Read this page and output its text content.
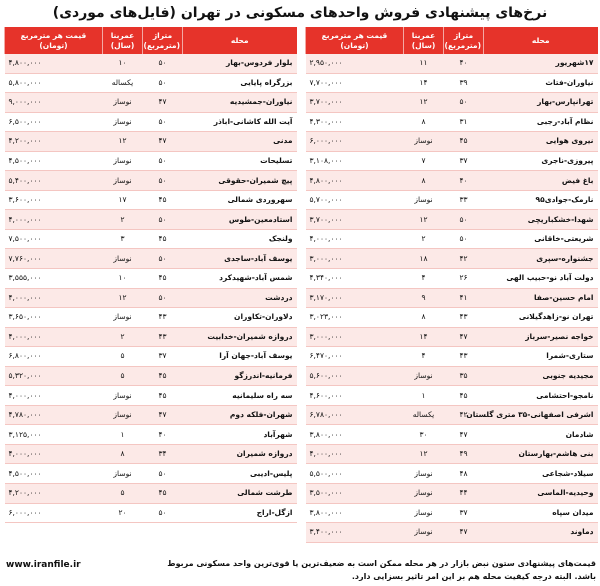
نرخ‌های پیشنهادی فروش واحدهای مسکونی در تهران (فایل‌های موردی)
محله	متراژ (مترمربع)	عمربنا (سال)	قیمت هر مترمربع (تومان)
۱۷شهریور	۴۰	۱۱	۲,۹۵۰,۰۰۰
نیاوران-فتاث	۳۹	۱۴	۷,۷۰۰,۰۰۰
تهرانپارس-بهار	۵۰	۱۲	۳,۷۰۰,۰۰۰
نظام آباد-رجبی	۳۱	۸	۴,۳۰۰,۰۰۰
نیروی هوایی	۴۵	نوساز	۶,۰۰۰,۰۰۰
پیروزی-ناجری	۳۷	۷	۳,۱۰۸,۰۰۰
باغ فیض	۴۰	۸	۴,۸۰۰,۰۰۰
نارمک-جوادی۹۵	۳۳	نوساز	۵,۷۰۰,۰۰۰
شهدا-خشکباریچی	۵۰	۱۲	۳,۷۰۰,۰۰۰
شریعتی-خاقانی	۵۰	۲	۴,۰۰۰,۰۰۰
جشنواره-سپری	۴۲	۱۸	۳,۰۰۰,۰۰۰
دولت آباد نو-حبیب الهی	۲۶	۴	۴,۳۴۰,۰۰۰
امام حسین-صفا	۴۱	۹	۳,۱۷۰,۰۰۰
تهران نو-زاهدگیلانی	۴۳	۸	۳,۰۲۳,۰۰۰
خواجه نصیر-سرباز	۴۷	۱۴	۳,۰۰۰,۰۰۰
ستاری-شمرا	۴۳	۴	۶,۴۷۰,۰۰۰
مجیدیه جنوبی	۳۵	نوساز	۵,۶۰۰,۰۰۰
نامجو-احتشامی	۴۵	۱	۴,۶۰۰,۰۰۰
اشرفی اصفهانی-۳۵ متری گلستان	۴۲	یکساله	۶,۷۸۰,۰۰۰
شادمان	۴۷	۳۰	۳,۸۰۰,۰۰۰
بنی هاشم-بهارستان	۴۹	۱۲	۴,۰۰۰,۰۰۰
سیلاد-شجاعی	۴۸	نوساز	۵,۵۰۰,۰۰۰
وحیدیه-الماسی	۴۴	نوساز	۳,۵۰۰,۰۰۰
میدان سپاه	۳۷	نوساز	۳,۸۰۰,۰۰۰
دماوند	۴۷	نوساز	۳,۴۰۰,۰۰۰
محله	متراژ (مترمربع)	عمربنا (سال)	قیمت هر مترمربع (تومان)
بلوار فردوس-بهار	۵۰	۱۰	۴,۸۰۰,۰۰۰
بزرگراه پایایی	۵۰	یکساله	۵,۸۰۰,۰۰۰
نیاوران-جمشیدیه	۴۷	نوساز	۹,۰۰۰,۰۰۰
آیت الله کاشانی-اباذر	۵۰	نوساز	۶,۵۰۰,۰۰۰
مدنی	۴۷	۱۲	۴,۲۰۰,۰۰۰
تسلیحات	۵۰	نوساز	۴,۵۰۰,۰۰۰
پیچ شمیران-حقوقی	۵۰	نوساز	۵,۴۰۰,۰۰۰
سهروردی شمالی	۴۵	۱۷	۳,۶۰۰,۰۰۰
استادمعین-طوس	۵۰	۲	۴,۰۰۰,۰۰۰
ولنجک	۴۵	۳	۷,۵۰۰,۰۰۰
یوسف آباد-ساجدی	۵۰	نوساز	۷,۷۶۰,۰۰۰
شمس آباد-شهیدکرد	۴۵	۱۰	۳,۵۵۵,۰۰۰
دردشت	۵۰	۱۲	۴,۰۰۰,۰۰۰
دلاوران-تکاوران	۴۳	نوساز	۳,۶۵۰,۰۰۰
دروازه شمیران-خدابیت	۴۳	۲	۴,۰۰۰,۰۰۰
یوسف آباد-جهان آرا	۳۷	۵	۶,۸۰۰,۰۰۰
فرمانیه-اندرزگو	۴۵	۵	۵,۳۲۰,۰۰۰
سه راه سلیمانیه	۴۵	نوساز	۴,۰۰۰,۰۰۰
شهران-فلکه دوم	۴۷	نوساز	۴,۷۸۰,۰۰۰
شهرآباد	۴۰	۱	۳,۱۲۵,۰۰۰
دروازه شمیران	۳۴	۸	۴,۰۰۰,۰۰۰
پلیس-ادیبی	۵۰	نوساز	۴,۵۰۰,۰۰۰
طرشت شمالی	۴۵	۵	۴,۲۰۰,۰۰۰
ازگل-اراج	۵۰	۲۰	۶,۰۰۰,۰۰۰
قیمت‌های پیشنهادی ستون نبض بازار در هر محله ممکن است به ضعیف‌ترین یا قوی‌ترین واحد مسکونی مربوط باشد. البته درجه کیفیت محله هم بر این امر تاثیر بسزایی دارد.
www.iranfile.ir
